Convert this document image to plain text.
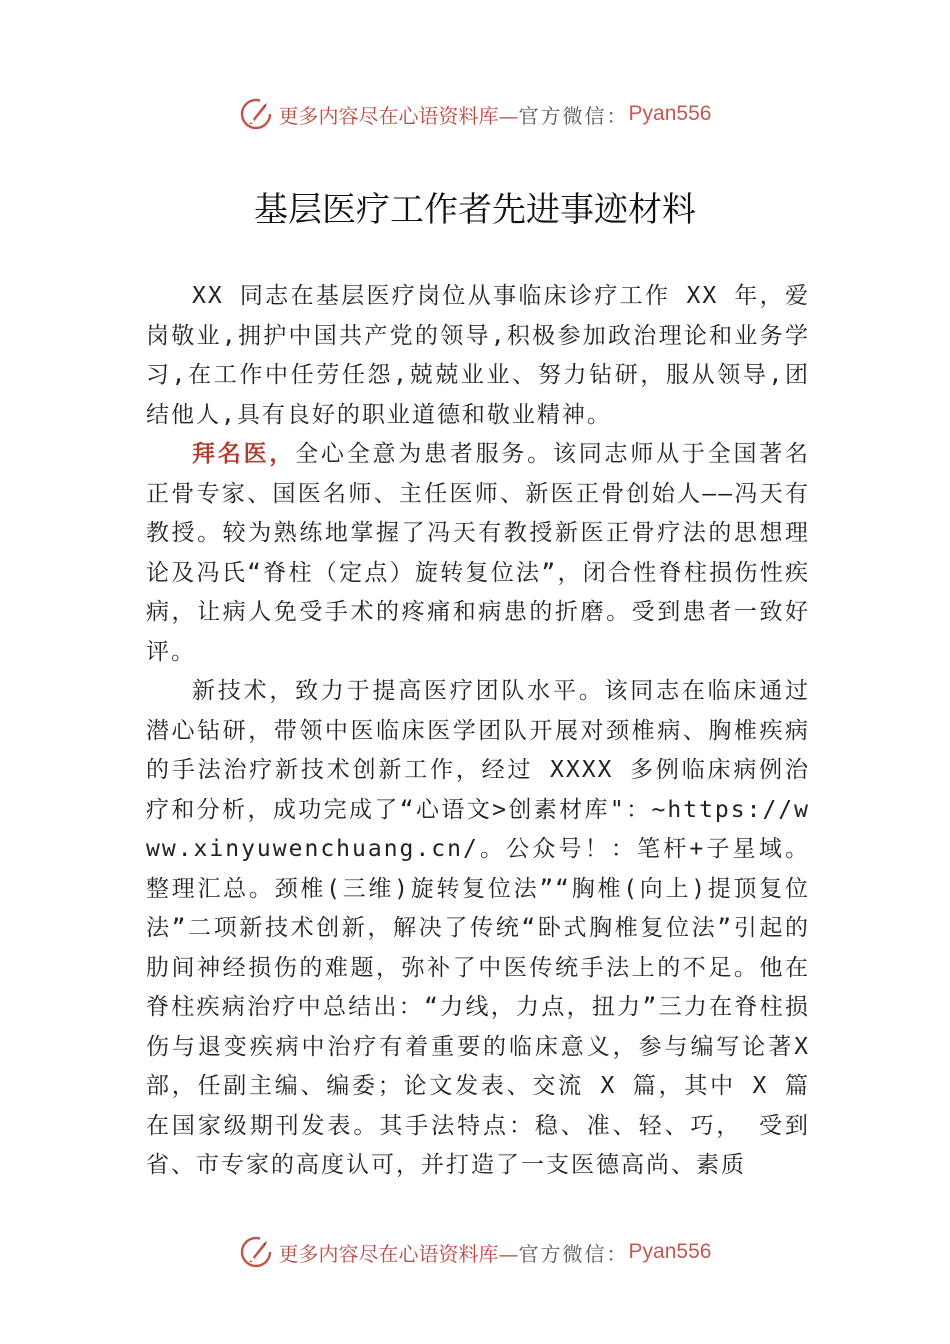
更多内容尽在心语资料库— 官方微信： Pyan556
基层医疗工作者先进事迹材料

XX 同志在基层医疗岗位从事临床诊疗工作 XX 年，爱岗敬业,拥护中国共产党的领导,积极参加政治理论和业务学习,在工作中任劳任怨,兢兢业业、努力钻研，服从领导,团结他人,具有良好的职业道德和敬业精神。

拜名医，全心全意为患者服务。该同志师从于全国著名正骨专家、国医名师、主任医师、新医正骨创始人——冯天有教授。较为熟练地掌握了冯天有教授新医正骨疗法的思想理论及冯氏“脊柱（定点）旋转复位法”，闭合性脊柱损伤性疾病，让病人免受手术的疼痛和病患的折磨。受到患者一致好评。

新技术，致力于提高医疗团队水平。该同志在临床通过潜心钻研，带领中医临床医学团队开展对颈椎病、胸椎疾病的手法治疗新技术创新工作，经过 XXXX 多例临床病例治疗和分析，成功完成了“心语文>创素材库"：~https://www.xinyuwenchuang.cn/。公众号！：笔杆+子星域。整理汇总。颈椎(三维)旋转复位法”“胸椎(向上)提顶复位法”二项新技术创新，解决了传统“卧式胸椎复位法”引起的肋间神经损伤的难题，弥补了中医传统手法上的不足。他在脊柱疾病治疗中总结出：“力线，力点，扭力”三力在脊柱损伤与退变疾病中治疗有着重要的临床意义，参与编写论著X 部，任副主编、编委；论文发表、交流 X 篇，其中 X 篇在国家级期刊发表。其手法特点：稳、准、轻、巧， 受到省、市专家的高度认可，并打造了一支医德高尚、素质

更多内容尽在心语资料库— 官方微信： Pyan556
